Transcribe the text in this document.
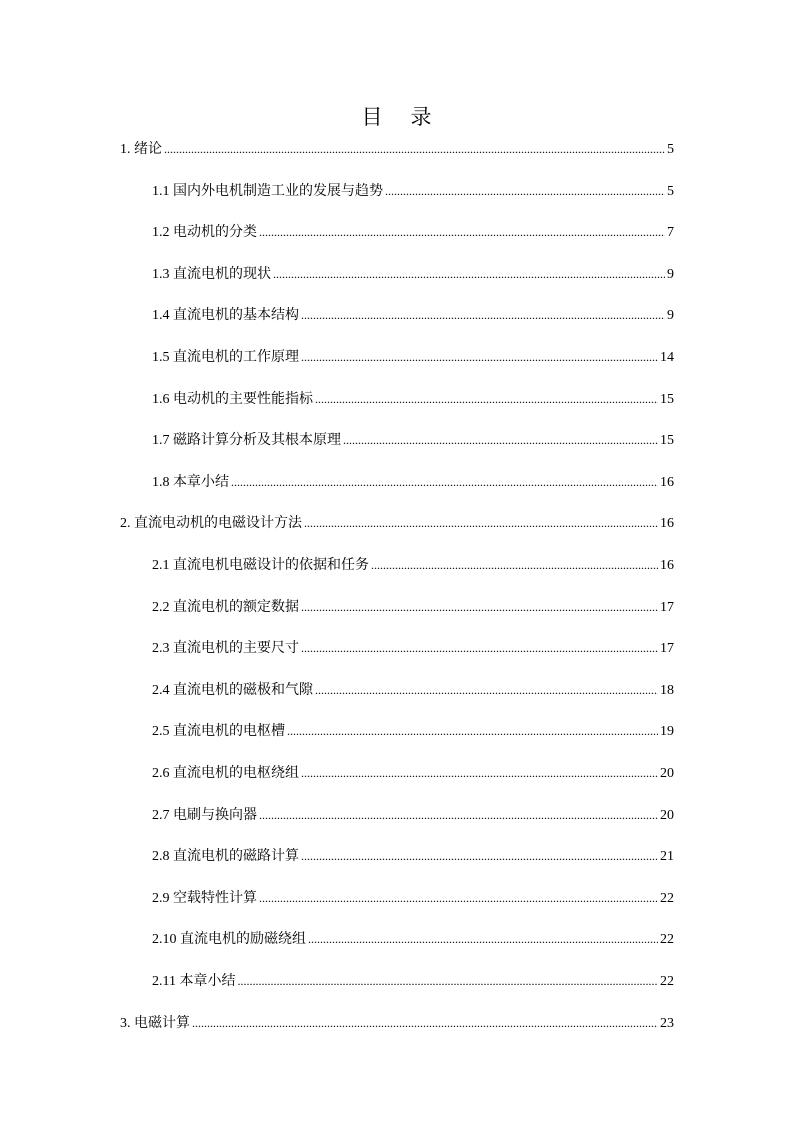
目录
1. 绪论 .....	5
1.1 国内外电机制造工业的发展与趋势 .....	5
1.2 电动机的分类 .....	7
1.3 直流电机的现状 .....	9
1.4 直流电机的基本结构 .....	9
1.5 直流电机的工作原理 .....	14
1.6 电动机的主要性能指标 .....	15
1.7 磁路计算分析及其根本原理 .....	15
1.8 本章小结 .....	16
2. 直流电动机的电磁设计方法 .....	16
2.1 直流电机电磁设计的依据和任务 .....	16
2.2 直流电机的额定数据 .....	17
2.3 直流电机的主要尺寸 .....	17
2.4 直流电机的磁极和气隙 .....	18
2.5 直流电机的电枢槽 .....	19
2.6 直流电机的电枢绕组 .....	20
2.7 电刷与换向器 .....	20
2.8 直流电机的磁路计算 .....	21
2.9 空载特性计算 .....	22
2.10 直流电机的励磁绕组 .....	22
2.11 本章小结 .....	22
3. 电磁计算 .....	23
